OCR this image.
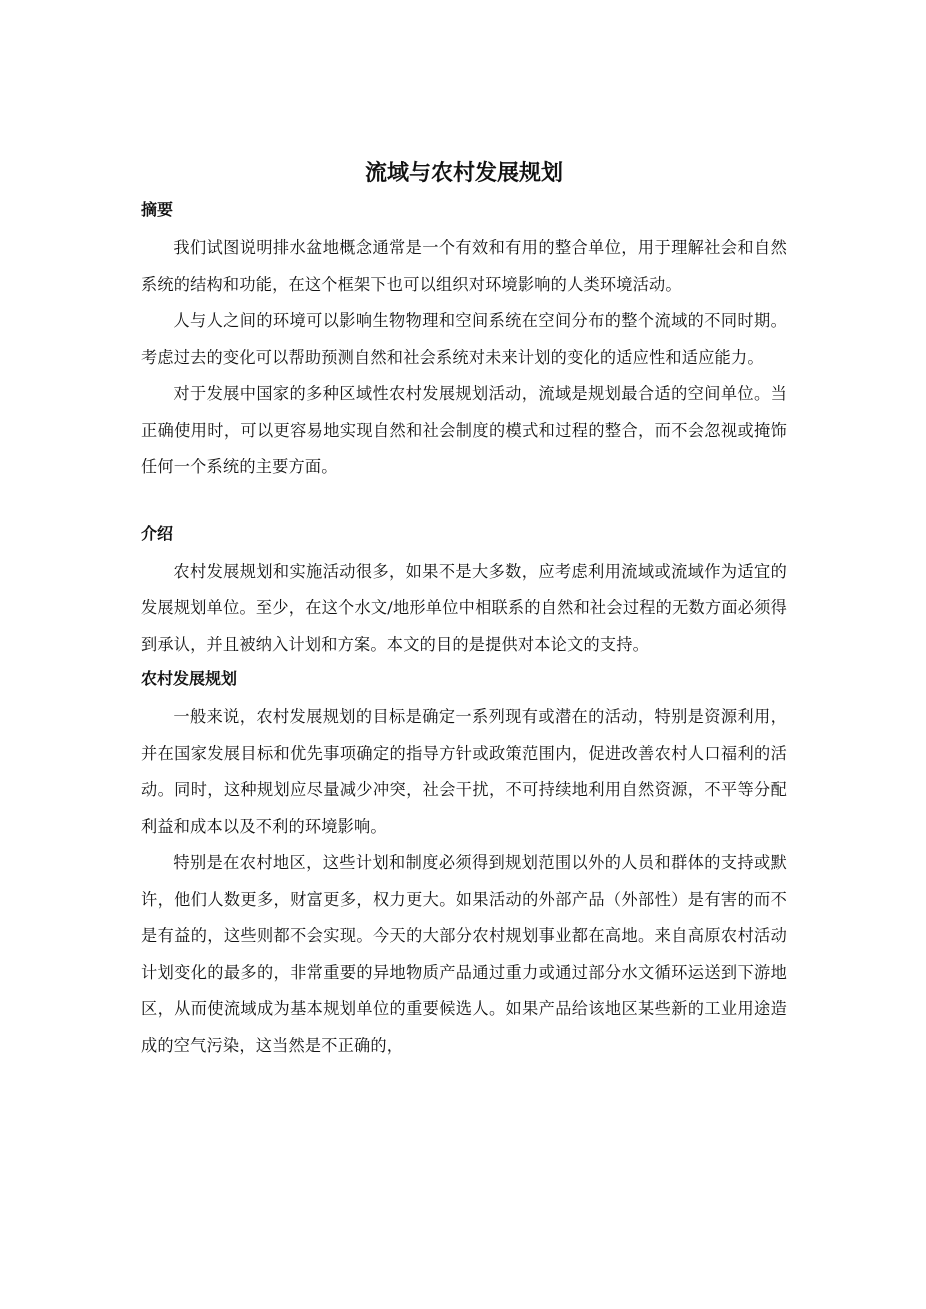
流域与农村发展规划
摘要

我们试图说明排水盆地概念通常是一个有效和有用的整合单位，用于理解社会和自然系统的结构和功能，在这个框架下也可以组织对环境影响的人类环境活动。

人与人之间的环境可以影响生物物理和空间系统在空间分布的整个流域的不同时期。考虑过去的变化可以帮助预测自然和社会系统对未来计划的变化的适应性和适应能力。

对于发展中国家的多种区域性农村发展规划活动，流域是规划最合适的空间单位。当正确使用时，可以更容易地实现自然和社会制度的模式和过程的整合，而不会忽视或掩饰任何一个系统的主要方面。

介绍

农村发展规划和实施活动很多，如果不是大多数，应考虑利用流域或流域作为适宜的发展规划单位。至少，在这个水文/地形单位中相联系的自然和社会过程的无数方面必须得到承认，并且被纳入计划和方案。本文的目的是提供对本论文的支持。

农村发展规划

一般来说，农村发展规划的目标是确定一系列现有或潜在的活动，特别是资源利用，并在国家发展目标和优先事项确定的指导方针或政策范围内，促进改善农村人口福利的活动。同时，这种规划应尽量减少冲突，社会干扰，不可持续地利用自然资源，不平等分配利益和成本以及不利的环境影响。

特别是在农村地区，这些计划和制度必须得到规划范围以外的人员和群体的支持或默许，他们人数更多，财富更多，权力更大。如果活动的外部产品（外部性）是有害的而不是有益的，这些则都不会实现。今天的大部分农村规划事业都在高地。来自高原农村活动计划变化的最多的，非常重要的异地物质产品通过重力或通过部分水文循环运送到下游地区，从而使流域成为基本规划单位的重要候选人。如果产品给该地区某些新的工业用途造成的空气污染，这当然是不正确的，
